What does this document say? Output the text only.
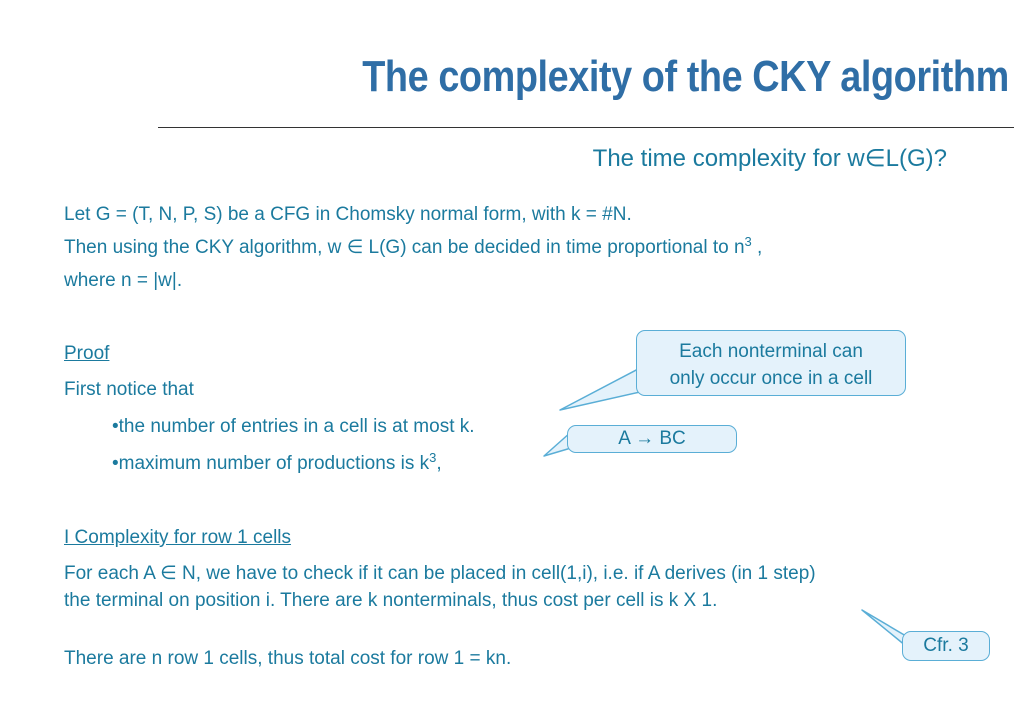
The complexity of the CKY algorithm
The time complexity for w∈L(G)?
Let G = (T, N, P, S) be a CFG in Chomsky normal form, with k = #N.
Then using the CKY algorithm, w ∈ L(G) can be decided in time proportional to $n^3$ ,
where n = |w|.
Proof
First notice that
•the number of entries in a cell is at most k.
•maximum number of productions is $k^3$,
I Complexity for row 1 cells
For each A ∈ N, we have to check if it can be placed in cell(1,i), i.e. if A derives (in 1 step)
the terminal on position i. There are k nonterminals, thus cost per cell is k X 1.
There are n row 1 cells, thus total cost for row 1 = kn.
Each nonterminal can
only occur once in a cell
A → BC
Cfr. 3
